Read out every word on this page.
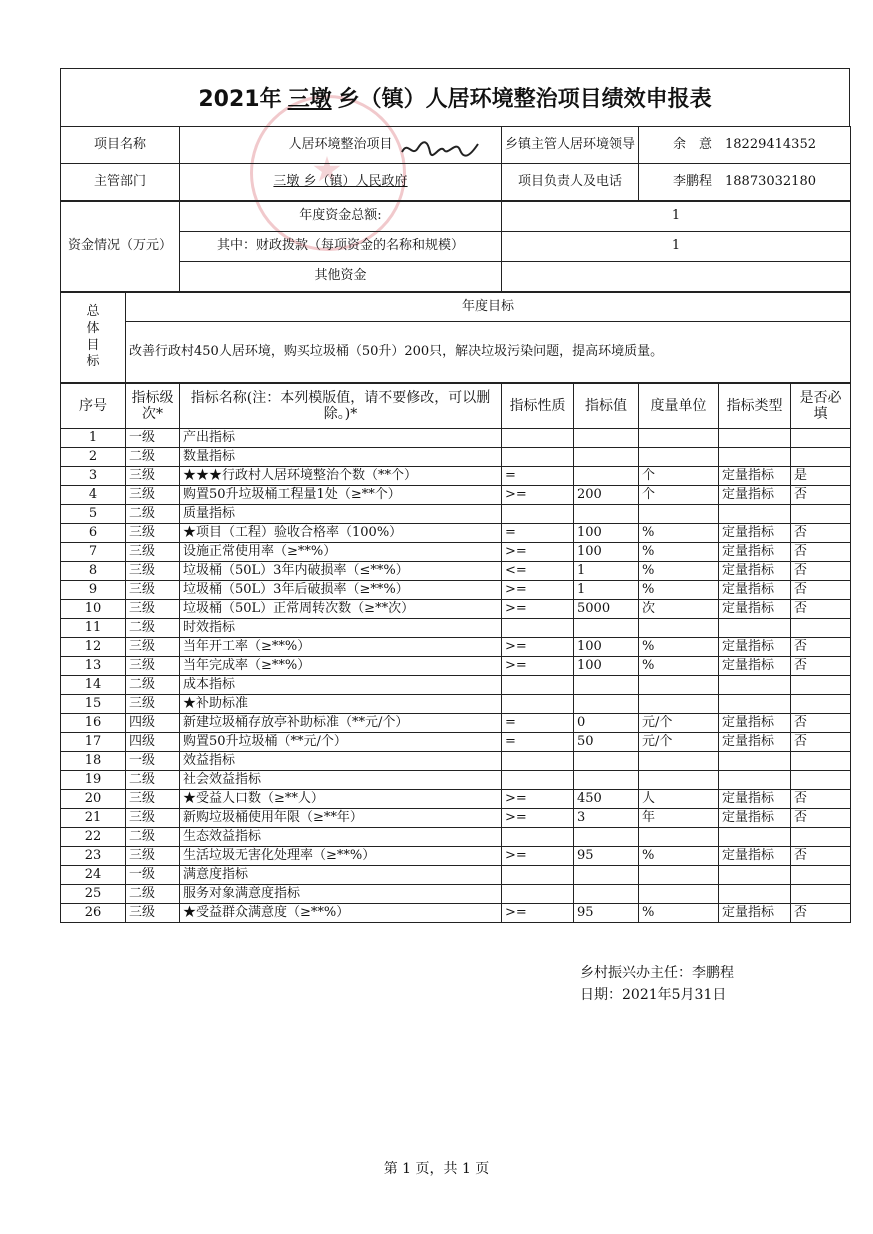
2021年 三墩 乡（镇）人居环境整治项目绩效申报表
项目名称	人居环境整治项目	乡镇主管人居环境领导	余　意　18229414352
主管部门	三墩 乡（镇）人民政府	项目负责人及电话	李鹏程　18873032180
资金情况（万元）	年度资金总额:	1
	其中：财政拨款（每项资金的名称和规模）	1
	其他资金	
总体目标	年度目标
改善行政村450人居环境，购买垃圾桶（50升）200只，解决垃圾污染问题，提高环境质量。
序号	指标级次*	指标名称(注：本列模版值，请不要修改，可以删除。)*	指标性质	指标值	度量单位	指标类型	是否必填
1	一级	产出指标					
2	二级	数量指标					
3	三级	★★★行政村人居环境整治个数（**个）	=		个	定量指标	是
4	三级	购置50升垃圾桶工程量1处（≥**个）	>=	200	个	定量指标	否
5	二级	质量指标					
6	三级	★项目（工程）验收合格率（100%）	=	100	%	定量指标	否
7	三级	设施正常使用率（≥**%）	>=	100	%	定量指标	否
8	三级	垃圾桶（50L）3年内破损率（≤**%）	<=	1	%	定量指标	否
9	三级	垃圾桶（50L）3年后破损率（≥**%）	>=	1	%	定量指标	否
10	三级	垃圾桶（50L）正常周转次数（≥**次）	>=	5000	次	定量指标	否
11	二级	时效指标					
12	三级	当年开工率（≥**%）	>=	100	%	定量指标	否
13	三级	当年完成率（≥**%）	>=	100	%	定量指标	否
14	二级	成本指标					
15	三级	★补助标准					
16	四级	新建垃圾桶存放亭补助标准（**元/个）	=	0	元/个	定量指标	否
17	四级	购置50升垃圾桶（**元/个）	=	50	元/个	定量指标	否
18	一级	效益指标					
19	二级	社会效益指标					
20	三级	★受益人口数（≥**人）	>=	450	人	定量指标	否
21	三级	新购垃圾桶使用年限（≥**年）	>=	3	年	定量指标	否
22	二级	生态效益指标					
23	三级	生活垃圾无害化处理率（≥**%）	>=	95	%	定量指标	否
24	一级	满意度指标					
25	二级	服务对象满意度指标					
26	三级	★受益群众满意度（≥**%）	>=	95	%	定量指标	否
乡村振兴办主任：李鹏程
日期：2021年5月31日
第 1 页，共 1 页
